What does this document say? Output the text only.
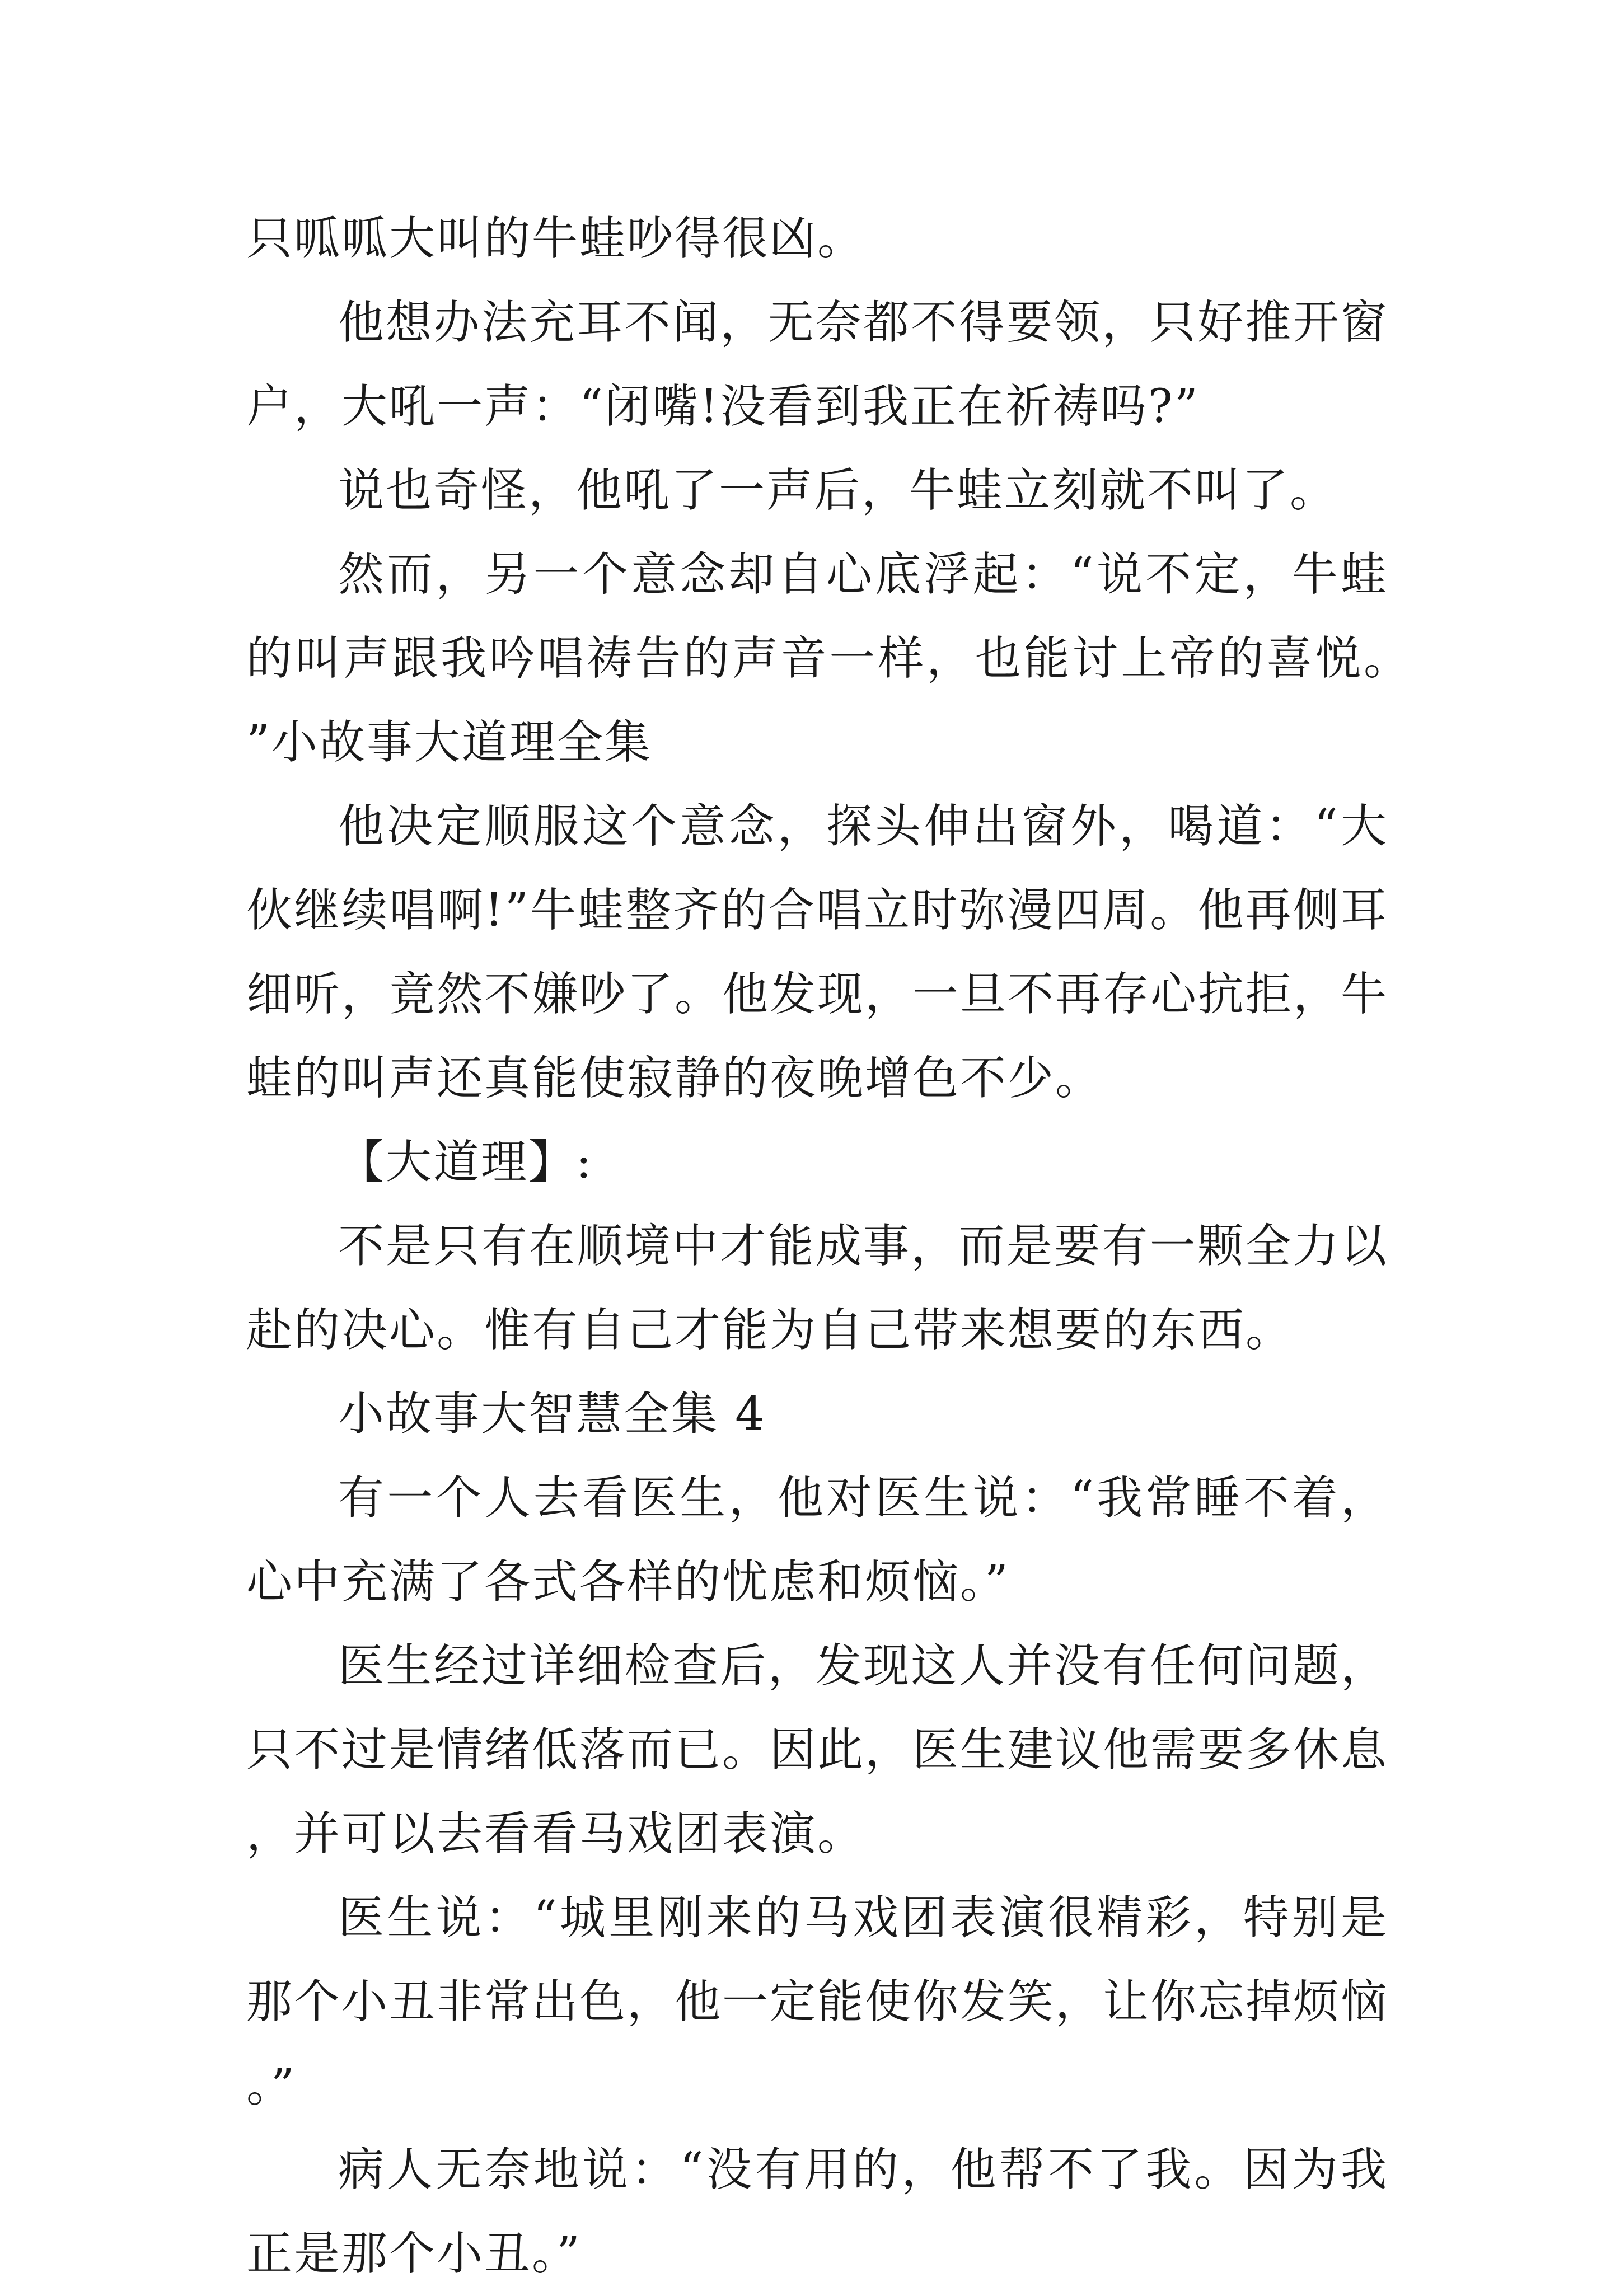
只呱呱大叫的牛蛙吵得很凶。

他想办法充耳不闻，无奈都不得要领，只好推开窗户，大吼一声：“闭嘴!没看到我正在祈祷吗?”

说也奇怪，他吼了一声后，牛蛙立刻就不叫了。

然而，另一个意念却自心底浮起：“说不定，牛蛙的叫声跟我吟唱祷告的声音一样，也能讨上帝的喜悦。”小故事大道理全集

他决定顺服这个意念，探头伸出窗外，喝道：“大伙继续唱啊!”牛蛙整齐的合唱立时弥漫四周。他再侧耳细听，竟然不嫌吵了。他发现，一旦不再存心抗拒，牛蛙的叫声还真能使寂静的夜晚增色不少。

【大道理】:

不是只有在顺境中才能成事，而是要有一颗全力以赴的决心。惟有自己才能为自己带来想要的东西。

小故事大智慧全集 4

有一个人去看医生，他对医生说：“我常睡不着，心中充满了各式各样的忧虑和烦恼。”

医生经过详细检查后，发现这人并没有任何问题，只不过是情绪低落而已。因此，医生建议他需要多休息，并可以去看看马戏团表演。

医生说：“城里刚来的马戏团表演很精彩，特别是那个小丑非常出色，他一定能使你发笑，让你忘掉烦恼。”

病人无奈地说：“没有用的，他帮不了我。因为我正是那个小丑。”
